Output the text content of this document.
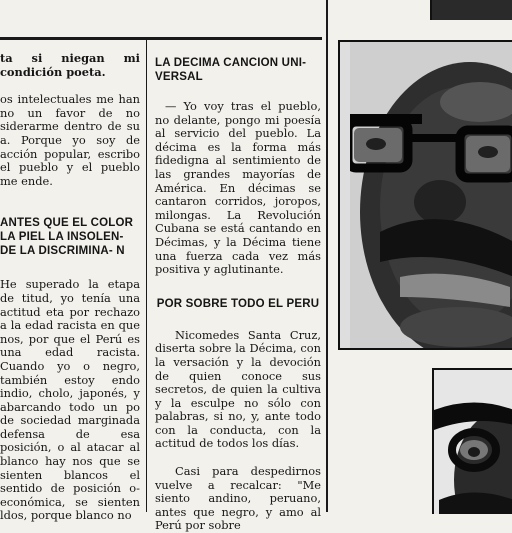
ta si niegan mi condición poeta.

os intelectuales me han no un favor de no siderarme dentro de su a. Porque yo soy de acción popular, escribo el pueblo y el pueblo me ende.

ANTES QUE EL COLOR LA PIEL LA INSOLEN- DE LA DISCRIMINA- N

He superado la etapa de titud, yo tenía una actitud eta por rechazo a la edad racista en que nos, por que el Perú es una edad racista. Cuando yo o negro, también estoy endo indio, cholo, japonés, y abarcando todo un po de sociedad marginada defensa de esa posición, o al atacar al blanco hay nos que se sienten blancos el sentido de posición o-económica, se sienten ldos, porque blanco no

LA DECIMA CANCION UNI- VERSAL

— Yo voy tras el pueblo, no delante, pongo mi poesía al servicio del pueblo. La décima es la forma más fidedigna al sentimiento de las grandes mayorías de América. En décimas se cantaron corridos, joropos, milongas. La Revolución Cubana se está cantando en Décimas, y la Décima tiene una fuerza cada vez más positiva y aglutinante.

POR SOBRE TODO EL PERU

Nicomedes Santa Cruz, diserta sobre la Décima, con la versación y la devoción de quien conoce sus secretos, de quien la cultiva y la esculpe no sólo con palabras, si no, y, ante todo con la conducta, con la actitud de todos los días.

Casi para despedirnos vuelve a recalcar: "Me siento andino, peruano, antes que negro, y amo al Perú por sobre
